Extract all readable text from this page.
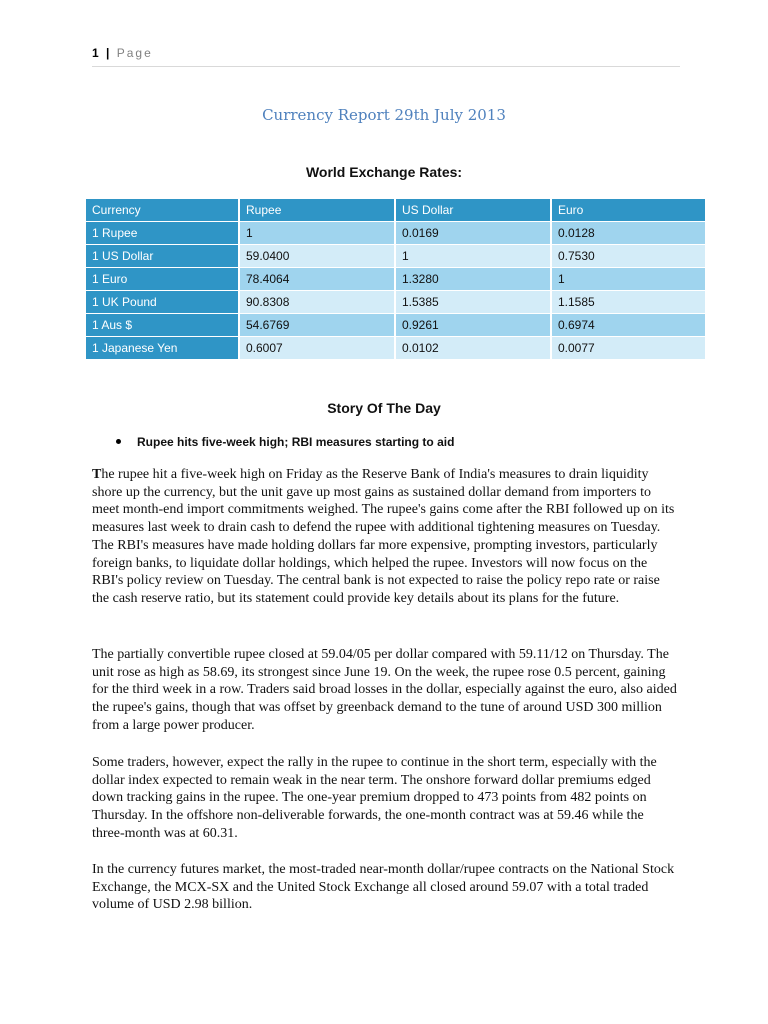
1 | Page
Currency Report 29th July 2013
World Exchange Rates:
Currency	Rupee	US Dollar	Euro
1 Rupee	1	0.0169	0.0128
1 US Dollar	59.0400	1	0.7530
1 Euro	78.4064	1.3280	1
1 UK Pound	90.8308	1.5385	1.1585
1 Aus $	54.6769	0.9261	0.6974
1 Japanese Yen	0.6007	0.0102	0.0077
Story Of The Day
Rupee hits five-week high; RBI measures starting to aid

The rupee hit a five-week high on Friday as the Reserve Bank of India's measures to drain liquidity shore up the currency, but the unit gave up most gains as sustained dollar demand from importers to meet month-end import commitments weighed. The rupee's gains come after the RBI followed up on its measures last week to drain cash to defend the rupee with additional tightening measures on Tuesday. The RBI's measures have made holding dollars far more expensive, prompting investors, particularly foreign banks, to liquidate dollar holdings, which helped the rupee. Investors will now focus on the RBI's policy review on Tuesday. The central bank is not expected to raise the policy repo rate or raise the cash reserve ratio, but its statement could provide key details about its plans for the future.

The partially convertible rupee closed at 59.04/05 per dollar compared with 59.11/12 on Thursday. The unit rose as high as 58.69, its strongest since June 19. On the week, the rupee rose 0.5 percent, gaining for the third week in a row. Traders said broad losses in the dollar, especially against the euro, also aided the rupee's gains, though that was offset by greenback demand to the tune of around USD 300 million from a large power producer.

Some traders, however, expect the rally in the rupee to continue in the short term, especially with the dollar index expected to remain weak in the near term. The onshore forward dollar premiums edged down tracking gains in the rupee. The one-year premium dropped to 473 points from 482 points on Thursday. In the offshore non-deliverable forwards, the one-month contract was at 59.46 while the three-month was at 60.31.

In the currency futures market, the most-traded near-month dollar/rupee contracts on the National Stock Exchange, the MCX-SX and the United Stock Exchange all closed around 59.07 with a total traded volume of USD 2.98 billion.
